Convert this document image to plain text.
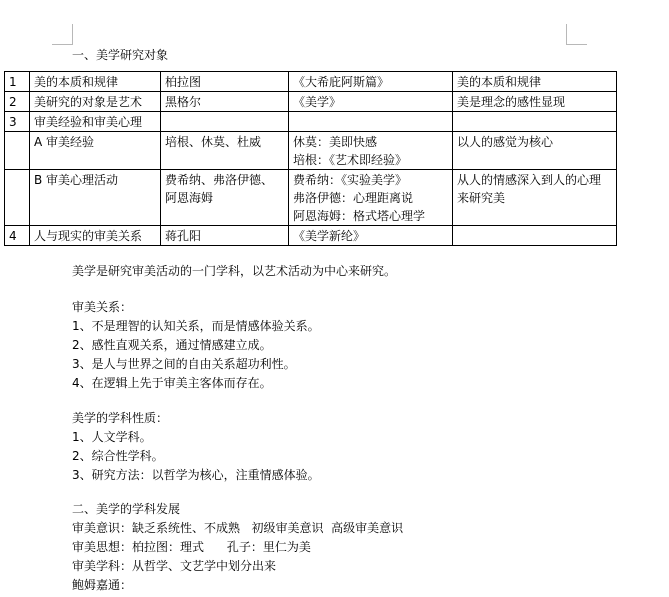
一、美学研究对象
1	美的本质和规律	柏拉图	《大希庇阿斯篇》	美的本质和规律
2	美研究的对象是艺术	黑格尔	《美学》	美是理念的感性显现
3	审美经验和审美心理		

	A 审美经验	培根、休莫、杜威	休莫：美即快感
培根：《艺术即经验》	以人的感觉为核心
	B 审美心理活动	费希纳、弗洛伊德、阿恩海姆	费希纳：《实验美学》
弗洛伊德：心理距离说
阿恩海姆：格式塔心理学	从人的情感深入到人的心理来研究美
4	人与现实的审美关系	蒋孔阳	《美学新纶》	

美学是研究审美活动的一门学科，以艺术活动为中心来研究。
审美关系：
1、不是理智的认知关系，而是情感体验关系。
2、感性直观关系，通过情感建立成。
3、是人与世界之间的自由关系超功利性。
4、在逻辑上先于审美主客体而存在。
美学的学科性质：
1、人文学科。
2、综合性学科。
3、研究方法：以哲学为核心，注重情感体验。
二、美学的学科发展
审美意识：缺乏系统性、不成熟   初级审美意识  高级审美意识
审美思想：柏拉图：理式      孔子：里仁为美
审美学科：从哲学、文艺学中划分出来
鲍姆嘉通：
